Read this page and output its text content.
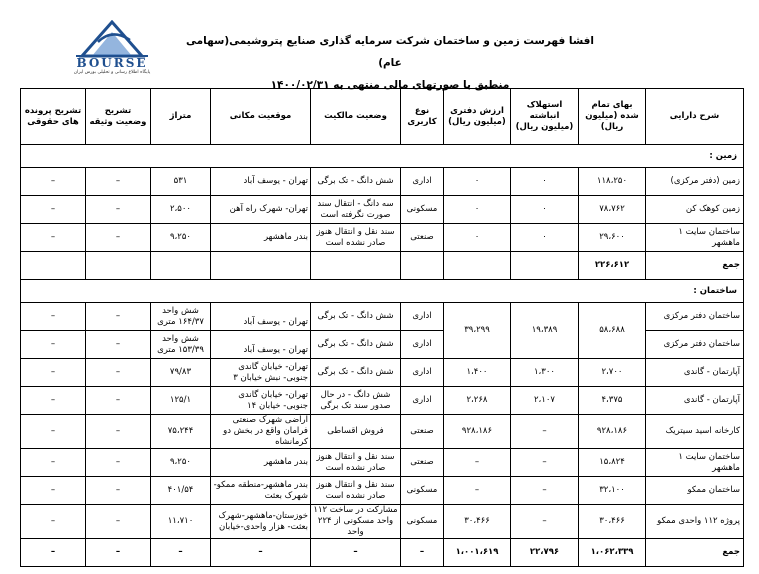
BOURSE
پایگاه اطلاع رسانی و تحلیلی بورس ایران
افشا فهرست زمین و ساختمان شرکت سرمایه گذاری صنایع پتروشیمی(سهامی عام)
منطبق با صورتهای مالی منتهی به ۱۴۰۰/۰۲/۳۱
شرح دارایی	بهای تمام شده (میلیون ریال)	استهلاک انباشته (میلیون ریال)	ارزش دفتری (میلیون ریال)	نوع کاربری	وضعیت مالکیت	موقعیت مکانی	متراژ	تشریح وضعیت وثیقه	تشریح پرونده های حقوقی
زمین :									
زمین (دفتر مرکزی)	۱۱۸،۲۵۰	۰	۰	اداری	شش دانگ - تک برگی	تهران - یوسف آباد	۵۳۱	–	–
زمین کوهک کن	۷۸،۷۶۲	۰	۰	مسکونی	سه دانگ - انتقال سند صورت نگرفته است	تهران- شهرک راه آهن	۲،۵۰۰	–	–
ساختمان سایت ۱ ماهشهر	۲۹،۶۰۰	۰	۰	صنعتی	سند نقل و انتقال هنوز صادر نشده است	بندر ماهشهر	۹،۲۵۰	–	–
جمع	۲۲۶،۶۱۲								
ساختمان :									
ساختمان دفتر مرکزی	۵۸،۶۸۸	۱۹،۳۸۹	۳۹،۲۹۹	اداری	شش دانگ - تک برگی	تهران - یوسف آباد	شش واحد ۱۶۴/۳۷ متری	–	–
ساختمان دفتر مرکزی				اداری	شش دانگ - تک برگی	تهران - یوسف آباد	شش واحد ۱۵۳/۳۹ متری	–	–
آپارتمان - گاندی	۲،۷۰۰	۱،۳۰۰	۱،۴۰۰	اداری	شش دانگ - تک برگی	تهران- خیابان گاندی جنوبی- نبش خیابان ۳	۷۹/۸۳	–	–
آپارتمان - گاندی	۴،۳۷۵	۲،۱۰۷	۲،۲۶۸	اداری	شش دانگ - در حال صدور سند تک برگی	تهران- خیابان گاندی جنوبی- خیابان ۱۴	۱۲۵/۱	–	–
کارخانه اسید سیتریک	۹۲۸،۱۸۶	–	۹۲۸،۱۸۶	صنعتی	فروش اقساطی	اراضی شهرک صنعتی فرامان واقع در بخش دو کرمانشاه	۷۵،۲۴۴	–	–
ساختمان سایت ۱ ماهشهر	۱۵،۸۲۴	–	–	صنعتی	سند نقل و انتقال هنوز صادر نشده است	بندر ماهشهر	۹،۲۵۰	–	–
ساختمان ممکو	۳۲،۱۰۰	–	–	مسکونی	سند نقل و انتقال هنوز صادر نشده است	بندر ماهشهر-منطقه ممکو-شهرک بعثت	۴۰۱/۵۴	–	–
پروژه ۱۱۲ واحدی ممکو	۳۰،۴۶۶	–	۳۰،۴۶۶	مسکونی	مشارکت در ساخت ۱۱۲ واحد مسکونی از ۲۲۴ واحد	خوزستان-ماهشهر-شهرک بعثت- هزار واحدی-خیابان	۱۱،۷۱۰	–	–
جمع	۱،۰۶۲،۳۳۹	۲۲،۷۹۶	۱،۰۰۱،۶۱۹	–	–	–	–	–	–
